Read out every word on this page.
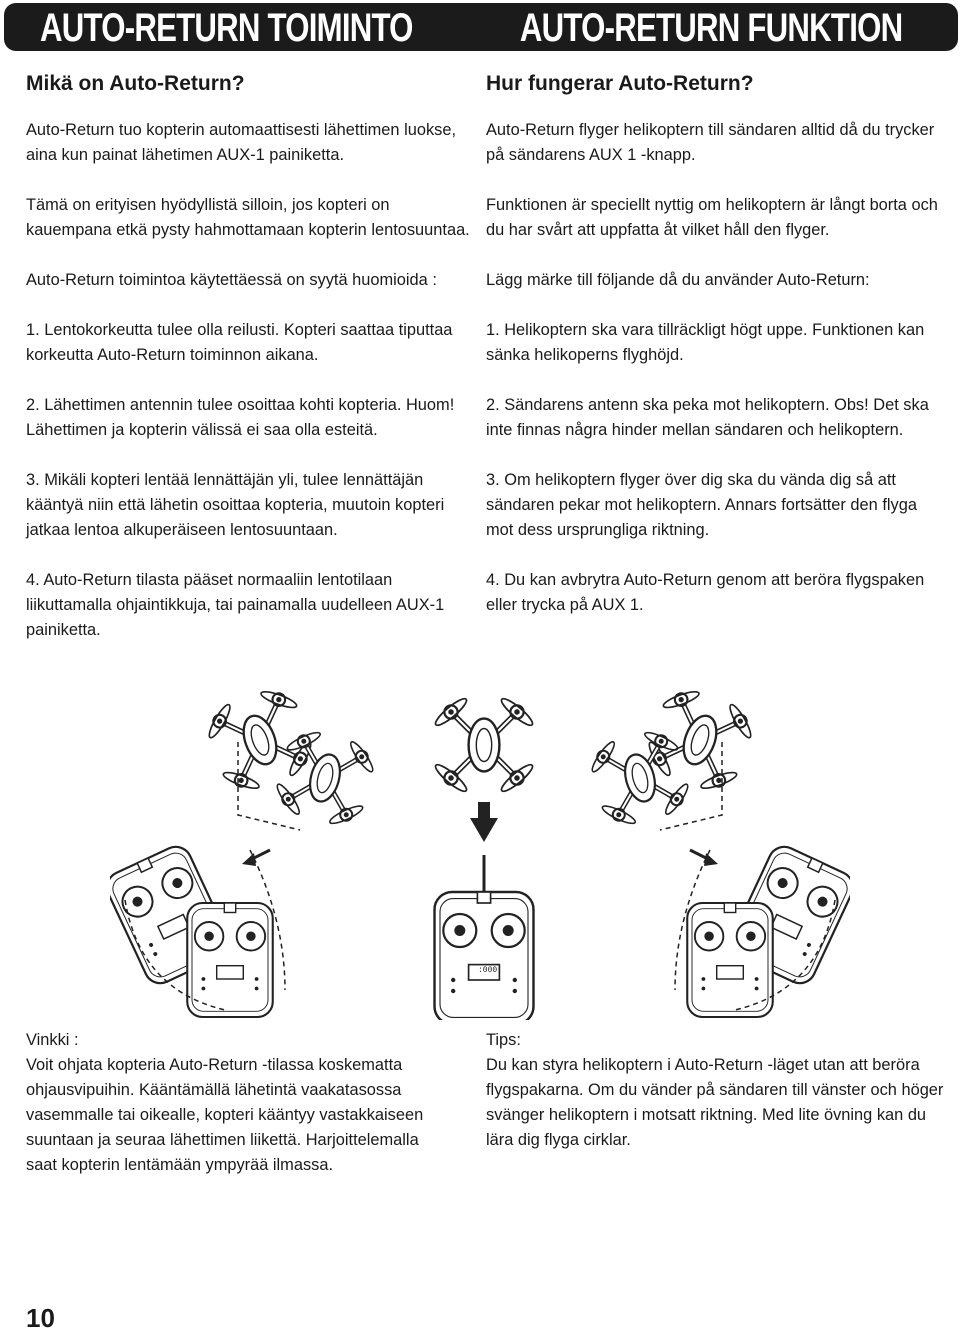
AUTO-RETURN TOIMINTO	AUTO-RETURN FUNKTION
Mikä on Auto-Return?

Auto-Return tuo kopterin automaattisesti lähettimen luokse, aina kun painat lähetimen AUX-1 painiketta.

Tämä on erityisen hyödyllistä silloin, jos kopteri on kauempana etkä pysty hahmottamaan kopterin lentosuuntaa.

Auto-Return toimintoa käytettäessä on syytä huomioida :

1. Lentokorkeutta tulee olla reilusti. Kopteri saattaa tiputtaa korkeutta Auto-Return toiminnon aikana.

2. Lähettimen antennin tulee osoittaa kohti kopteria. Huom! Lähettimen ja kopterin välissä ei saa olla esteitä.

3. Mikäli kopteri lentää lennättäjän yli, tulee lennättäjän kääntyä niin että lähetin osoittaa kopteria, muutoin kopteri jatkaa lentoa alkuperäiseen lentosuuntaan.

4. Auto-Return tilasta pääset normaaliin lentotilaan liikuttamalla ohjaintikkuja, tai painamalla uudelleen AUX-1 painiketta.

Hur fungerar Auto-Return?

Auto-Return flyger helikoptern till sändaren alltid då du trycker på sändarens AUX 1 -knapp.

Funktionen är speciellt nyttig om helikoptern är långt borta och du har svårt att uppfatta åt vilket håll den flyger.

Lägg märke till följande då du använder Auto-Return:

1. Helikoptern ska vara tillräckligt högt uppe. Funktionen kan sänka helikoperns flyghöjd.

2. Sändarens antenn ska peka mot helikoptern. Obs! Det ska inte finnas några hinder mellan sändaren och helikoptern.

3. Om helikoptern flyger över dig ska du vända dig så att sändaren pekar mot helikoptern. Annars fortsätter den flyga mot dess ursprungliga riktning.

4. Du kan avbrytra Auto-Return genom att beröra flygspaken eller trycka på AUX 1.

:000

Vinkki :

Voit ohjata kopteria Auto-Return -tilassa koskematta ohjausvipuihin. Kääntämällä lähetintä vaakatasossa vasemmalle tai oikealle, kopteri kääntyy vastakkaiseen suuntaan ja seuraa lähettimen liikettä. Harjoittelemalla saat kopterin lentämään ympyrää ilmassa.

Tips:

Du kan styra helikoptern i Auto-Return -läget utan att beröra flygspakarna. Om du vänder på sändaren till vänster och höger svänger helikoptern i motsatt riktning. Med lite övning kan du lära dig flyga cirklar.

10
